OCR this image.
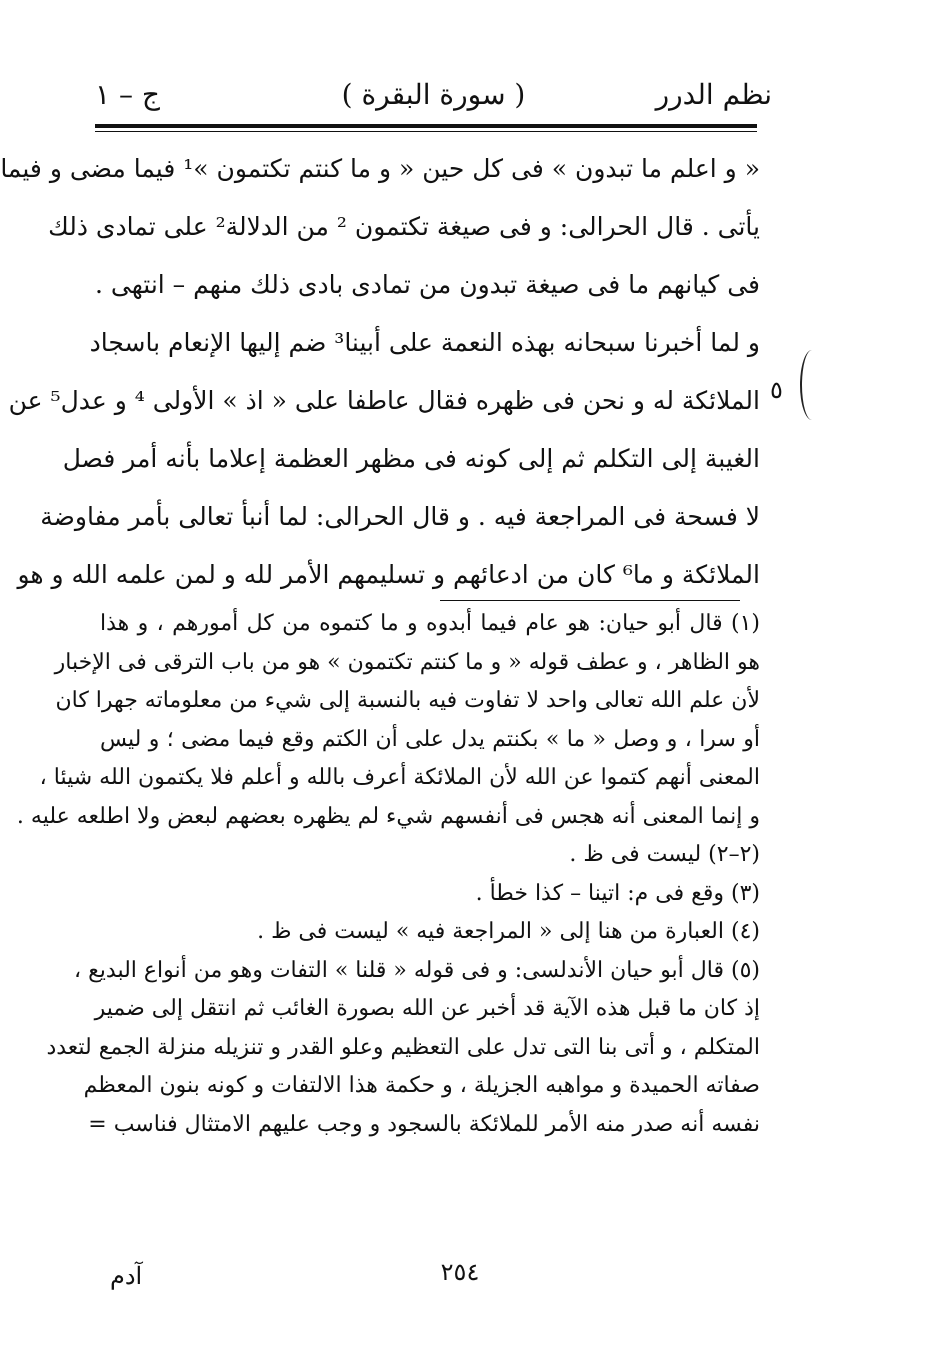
نظم الدرر
( سورة البقرة )
ج – ١
٥
« و اعلم ما تبدون » فى كل حين « و ما كنتم تكتمون »¹ فيما مضى و فيما
يأتى . قال الحرالى: و فى صيغة تكتمون ² من الدلالة² على تمادى ذلك
فى كيانهم ما فى صيغة تبدون من تمادى بادى ذلك منهم – انتهى .
و لما أخبرنا سبحانه بهذه النعمة على أبينا³ ضم إليها الإنعام باسجاد
الملائكة له و نحن فى ظهره فقال عاطفا على « اذ » الأولى ⁴ و عدل⁵ عن
الغيبة إلى التكلم ثم إلى كونه فى مظهر العظمة إعلاما بأنه أمر فصل
لا فسحة فى المراجعة فيه . و قال الحرالى: لما أنبأ تعالى بأمر مفاوضة
الملائكة و ما⁶ كان من ادعائهم و تسليمهم الأمر لله و لمن علمه الله و هو
(١) قال أبو حيان: هو عام فيما أبدوه و ما كتموه من كل أمورهم ، و هذا
هو الظاهر ، و عطف قوله « و ما كنتم تكتمون » هو من باب الترقى فى الإخبار
لأن علم الله تعالى واحد لا تفاوت فيه بالنسبة إلى شيء من معلوماته جهرا كان
أو سرا ، و وصل « ما » بكنتم يدل على أن الكتم وقع فيما مضى ؛ و ليس
المعنى أنهم كتموا عن الله لأن الملائكة أعرف بالله و أعلم فلا يكتمون الله شيئا ،
و إنما المعنى أنه هجس فى أنفسهم شيء لم يظهره بعضهم لبعض ولا اطلعه عليه .
(٢–٢) ليست فى ظ .
(٣) وقع فى م: اتينا – كذا خطأ .
(٤) العبارة من هنا إلى « المراجعة فيه » ليست فى ظ .
(٥) قال أبو حيان الأندلسى: و فى قوله « قلنا » التفات وهو من أنواع البديع ،
إذ كان ما قبل هذه الآية قد أخبر عن الله بصورة الغائب ثم انتقل إلى ضمير
المتكلم ، و أتى بنا التى تدل على التعظيم وعلو القدر و تنزيله منزلة الجمع لتعدد
صفاته الحميدة و مواهبه الجزيلة ، و حكمة هذا الالتفات و كونه بنون المعظم
نفسه أنه صدر منه الأمر للملائكة بالسجود و وجب عليهم الامتثال فناسب =
٢٥٤
آدم
